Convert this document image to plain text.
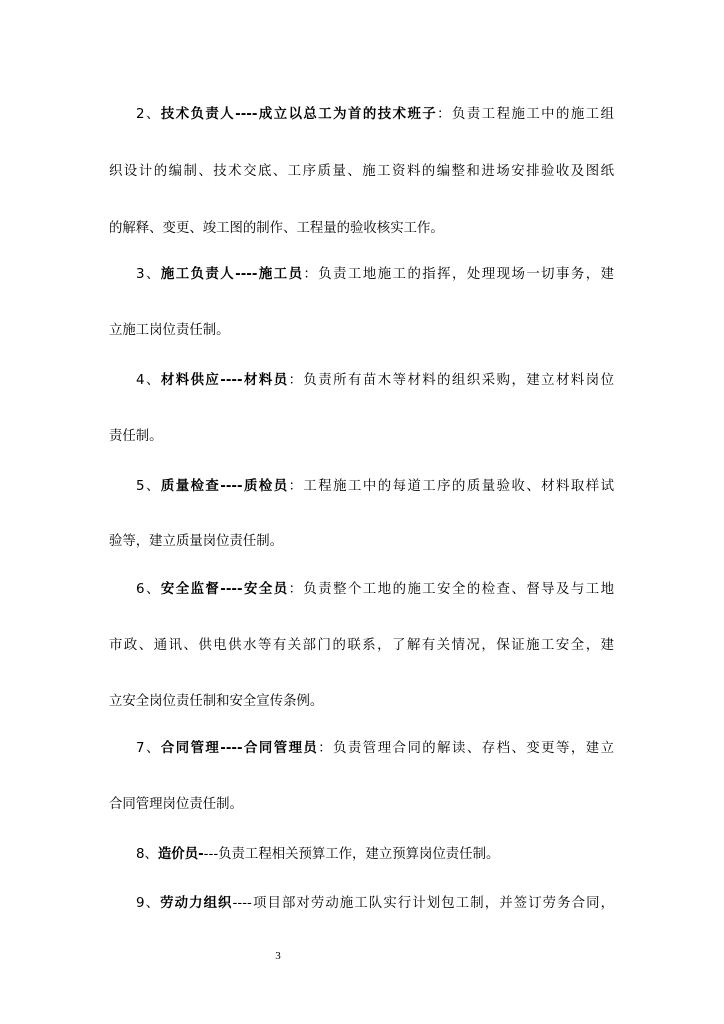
2、技术负责人----成立以总工为首的技术班子：负责工程施工中的施工组
织设计的编制、技术交底、工序质量、施工资料的编整和进场安排验收及图纸
的解释、变更、竣工图的制作、工程量的验收核实工作。
3、施工负责人----施工员：负责工地施工的指挥，处理现场一切事务，建
立施工岗位责任制。
4、材料供应----材料员：负责所有苗木等材料的组织采购，建立材料岗位
责任制。
5、质量检查----质检员：工程施工中的每道工序的质量验收、材料取样试
验等，建立质量岗位责任制。
6、安全监督----安全员：负责整个工地的施工安全的检查、督导及与工地
市政、通讯、供电供水等有关部门的联系，了解有关情况，保证施工安全，建
立安全岗位责任制和安全宣传条例。
7、合同管理----合同管理员：负责管理合同的解读、存档、变更等，建立
合同管理岗位责任制。
8、造价员----负责工程相关预算工作，建立预算岗位责任制。
9、劳动力组织----项目部对劳动施工队实行计划包工制，并签订劳务合同，
3
